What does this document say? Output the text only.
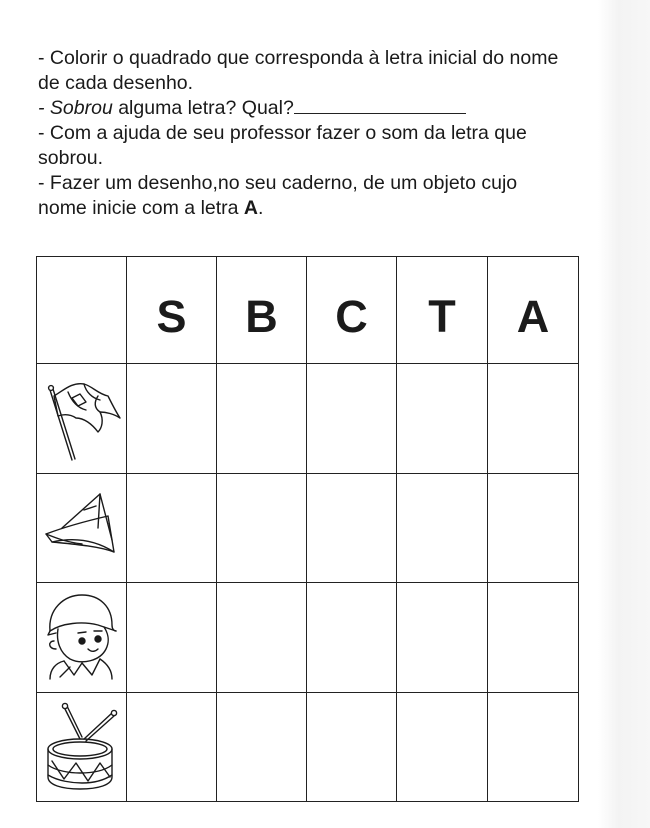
- Colorir o quadrado que corresponda à letra inicial do nome
de cada desenho.

- Sobrou alguma letra? Qual?

- Com a ajuda de seu professor fazer o som da letra que
sobrou.

- Fazer um desenho,no seu caderno, de um objeto cujo
nome inicie com a letra A.

	S	B	C	T	A
